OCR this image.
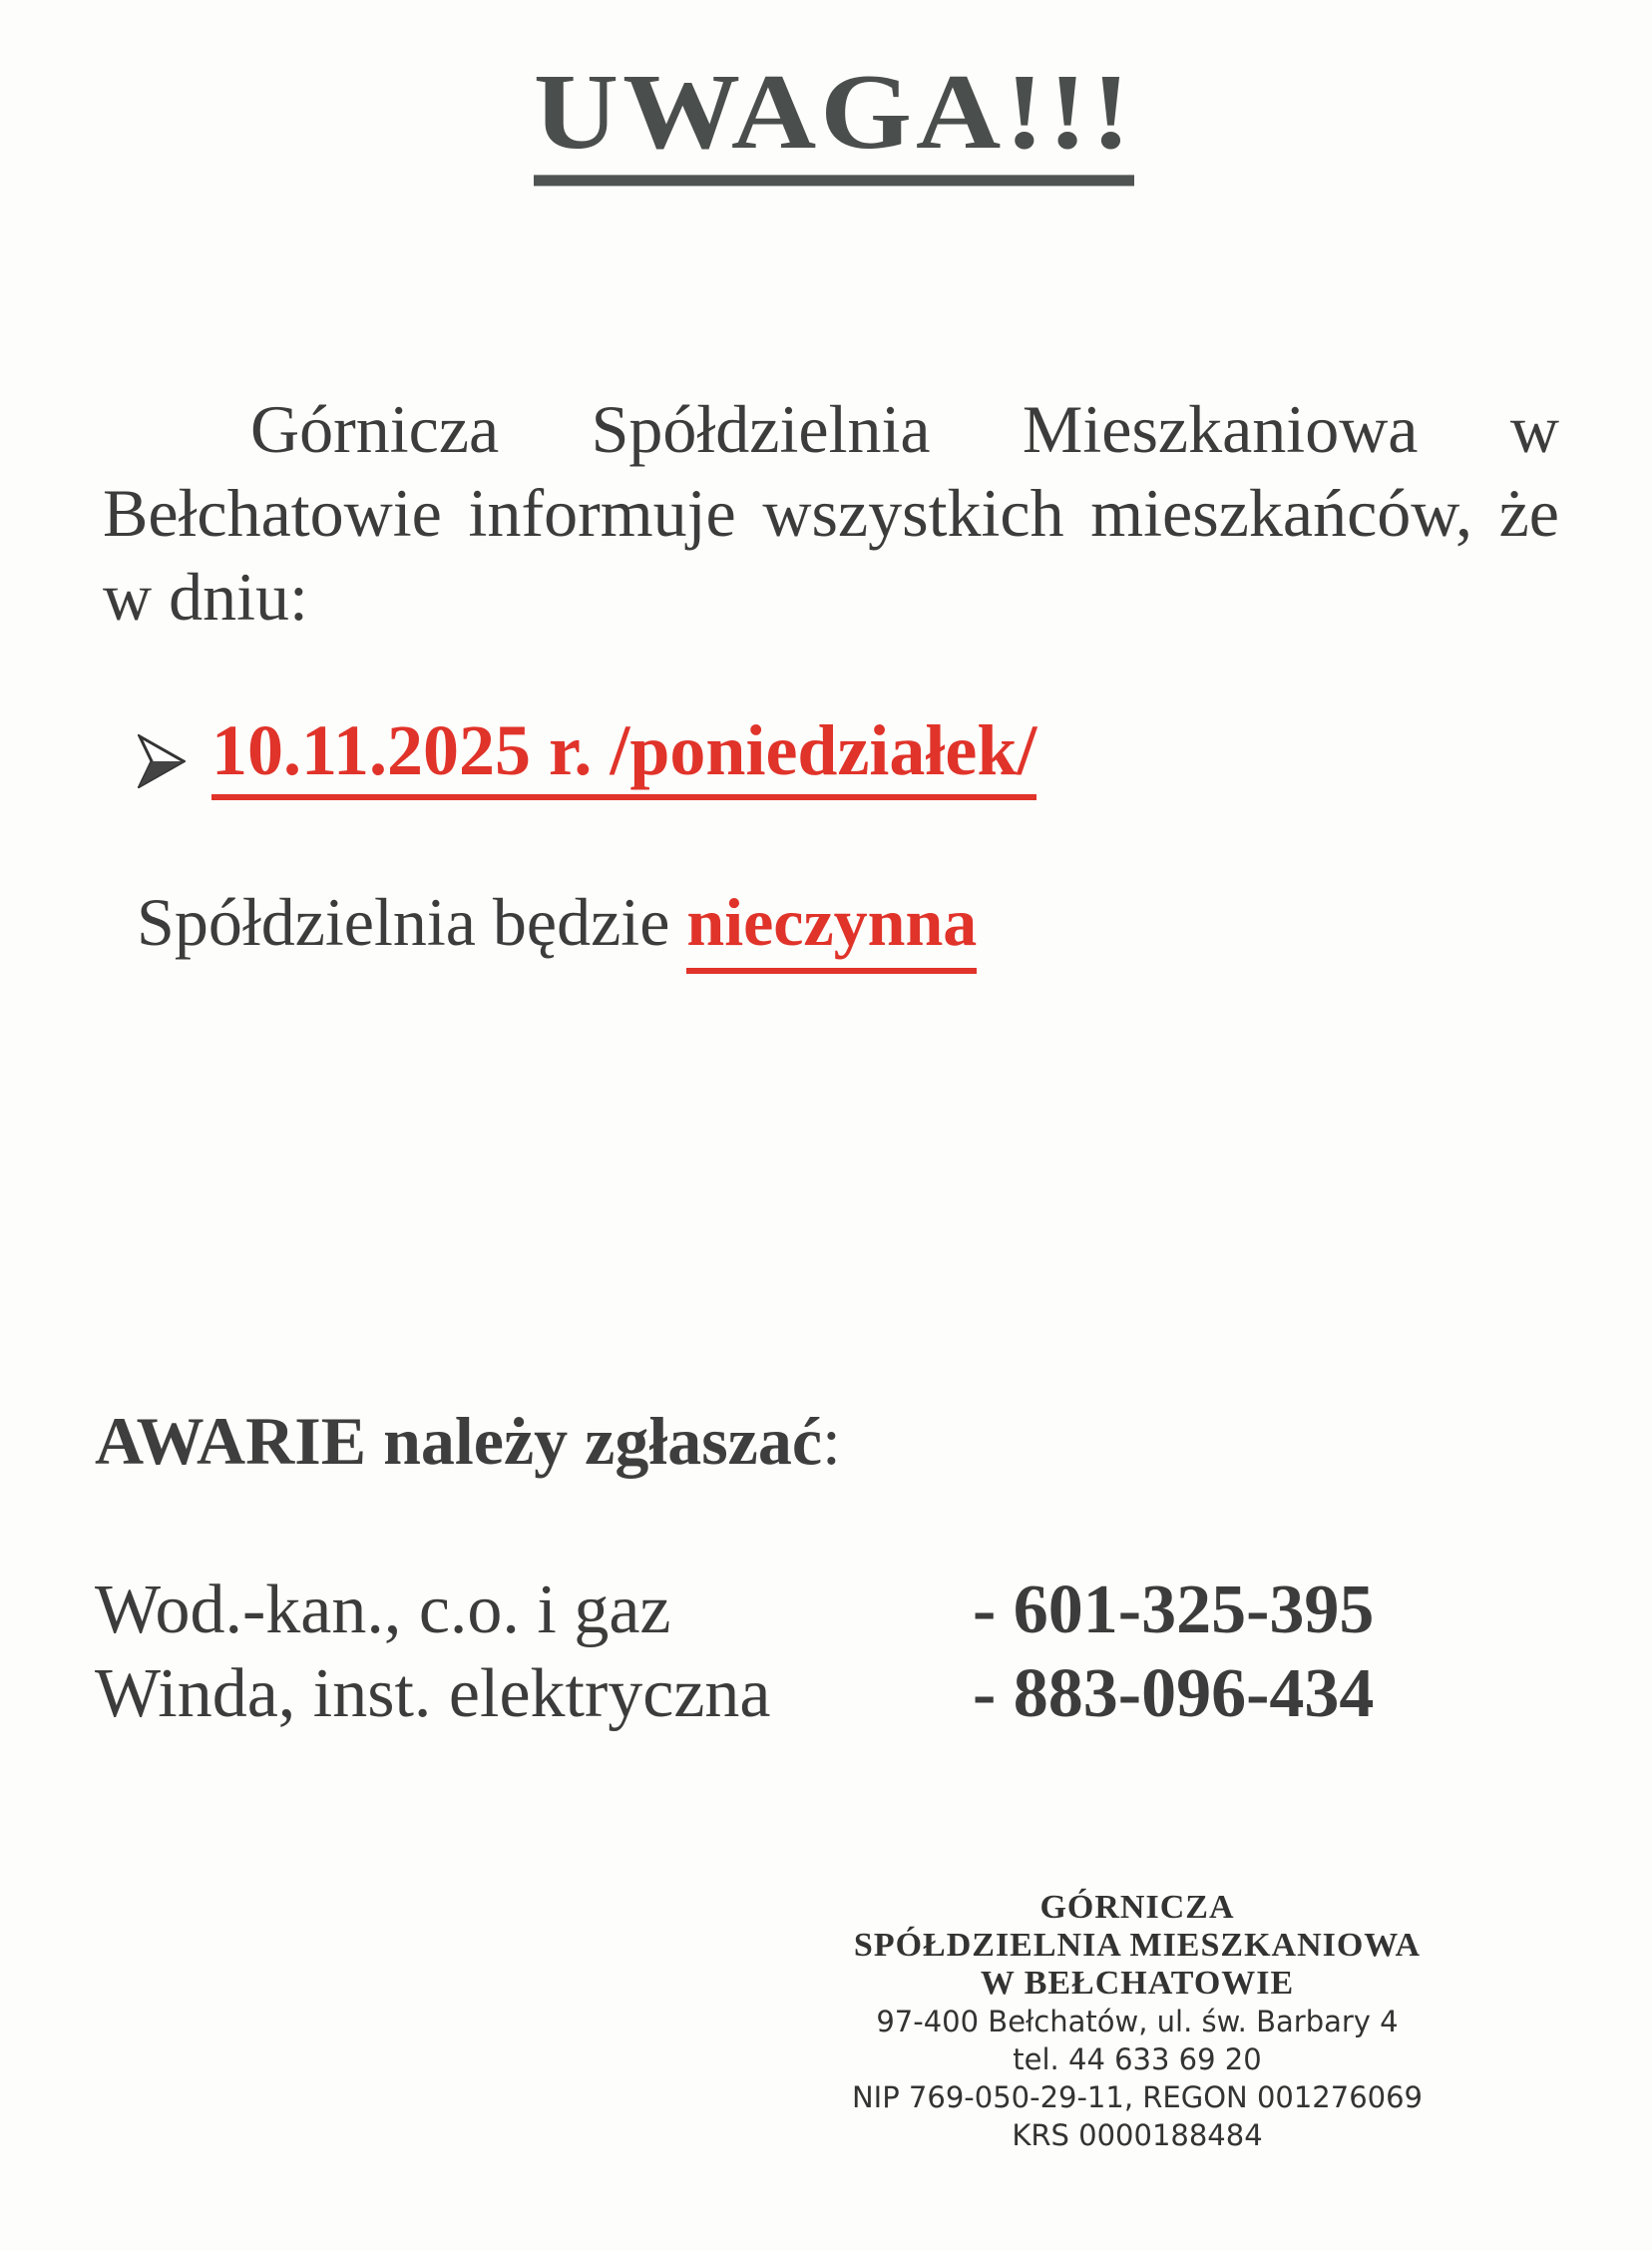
UWAGA!!!

Górnicza Spółdzielnia Mieszkaniowa w Bełchatowie informuje wszystkich mieszkańców, że w dniu:

10.11.2025 r. /poniedziałek/
Spółdzielnia będzie nieczynna
AWARIE należy zgłaszać:
Wod.-kan., c.o. i gaz	- 601-325-395
Winda, inst. elektryczna	- 883-096-434
GÓRNICZA
SPÓŁDZIELNIA MIESZKANIOWA
W BEŁCHATOWIE
97-400 Bełchatów, ul. św. Barbary 4
tel. 44 633 69 20
NIP 769-050-29-11, REGON 001276069
KRS 0000188484
